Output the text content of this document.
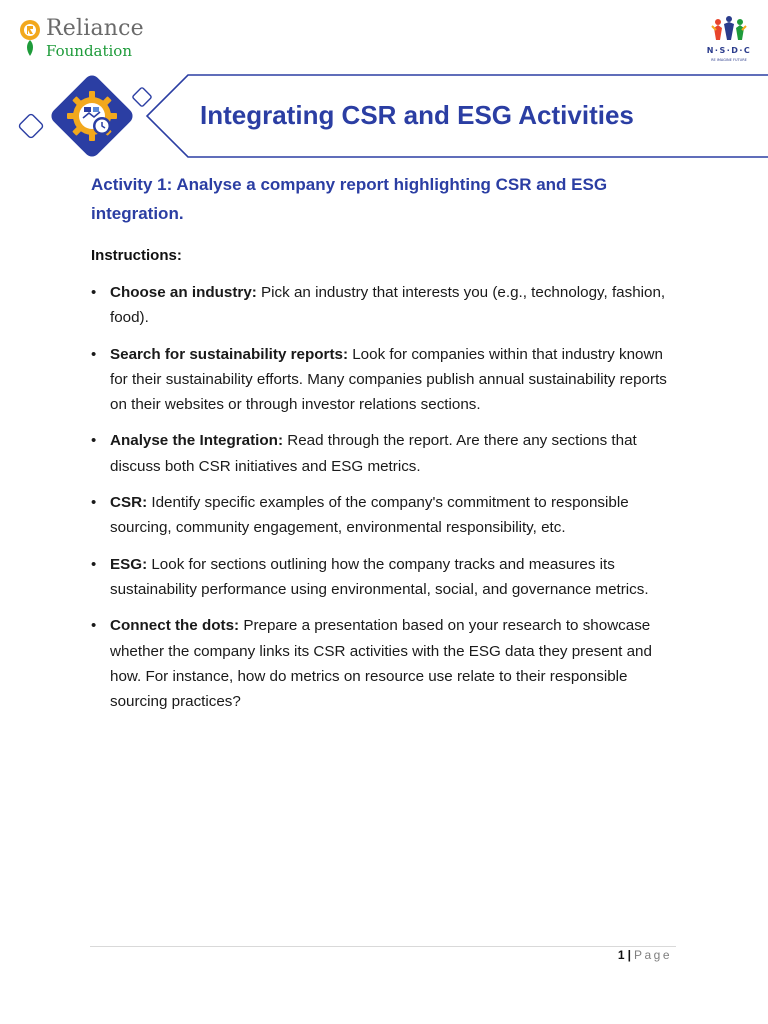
Reliance
Foundation	N·S·D·C
RE IMAGINE FUTURE
Integrating CSR and ESG Activities
Activity 1: Analyse a company report highlighting CSR and ESG integration.
Instructions:
• Choose an industry: Pick an industry that interests you (e.g., technology, fashion, food).
• Search for sustainability reports: Look for companies within that industry known for their sustainability efforts. Many companies publish annual sustainability reports on their websites or through investor relations sections.
• Analyse the Integration: Read through the report. Are there any sections that discuss both CSR initiatives and ESG metrics.
• CSR: Identify specific examples of the company's commitment to responsible sourcing, community engagement, environmental responsibility, etc.
• ESG: Look for sections outlining how the company tracks and measures its sustainability performance using environmental, social, and governance metrics.
• Connect the dots: Prepare a presentation based on your research to showcase whether the company links its CSR activities with the ESG data they present and how. For instance, how do metrics on resource use relate to their responsible sourcing practices?
1 | Page
